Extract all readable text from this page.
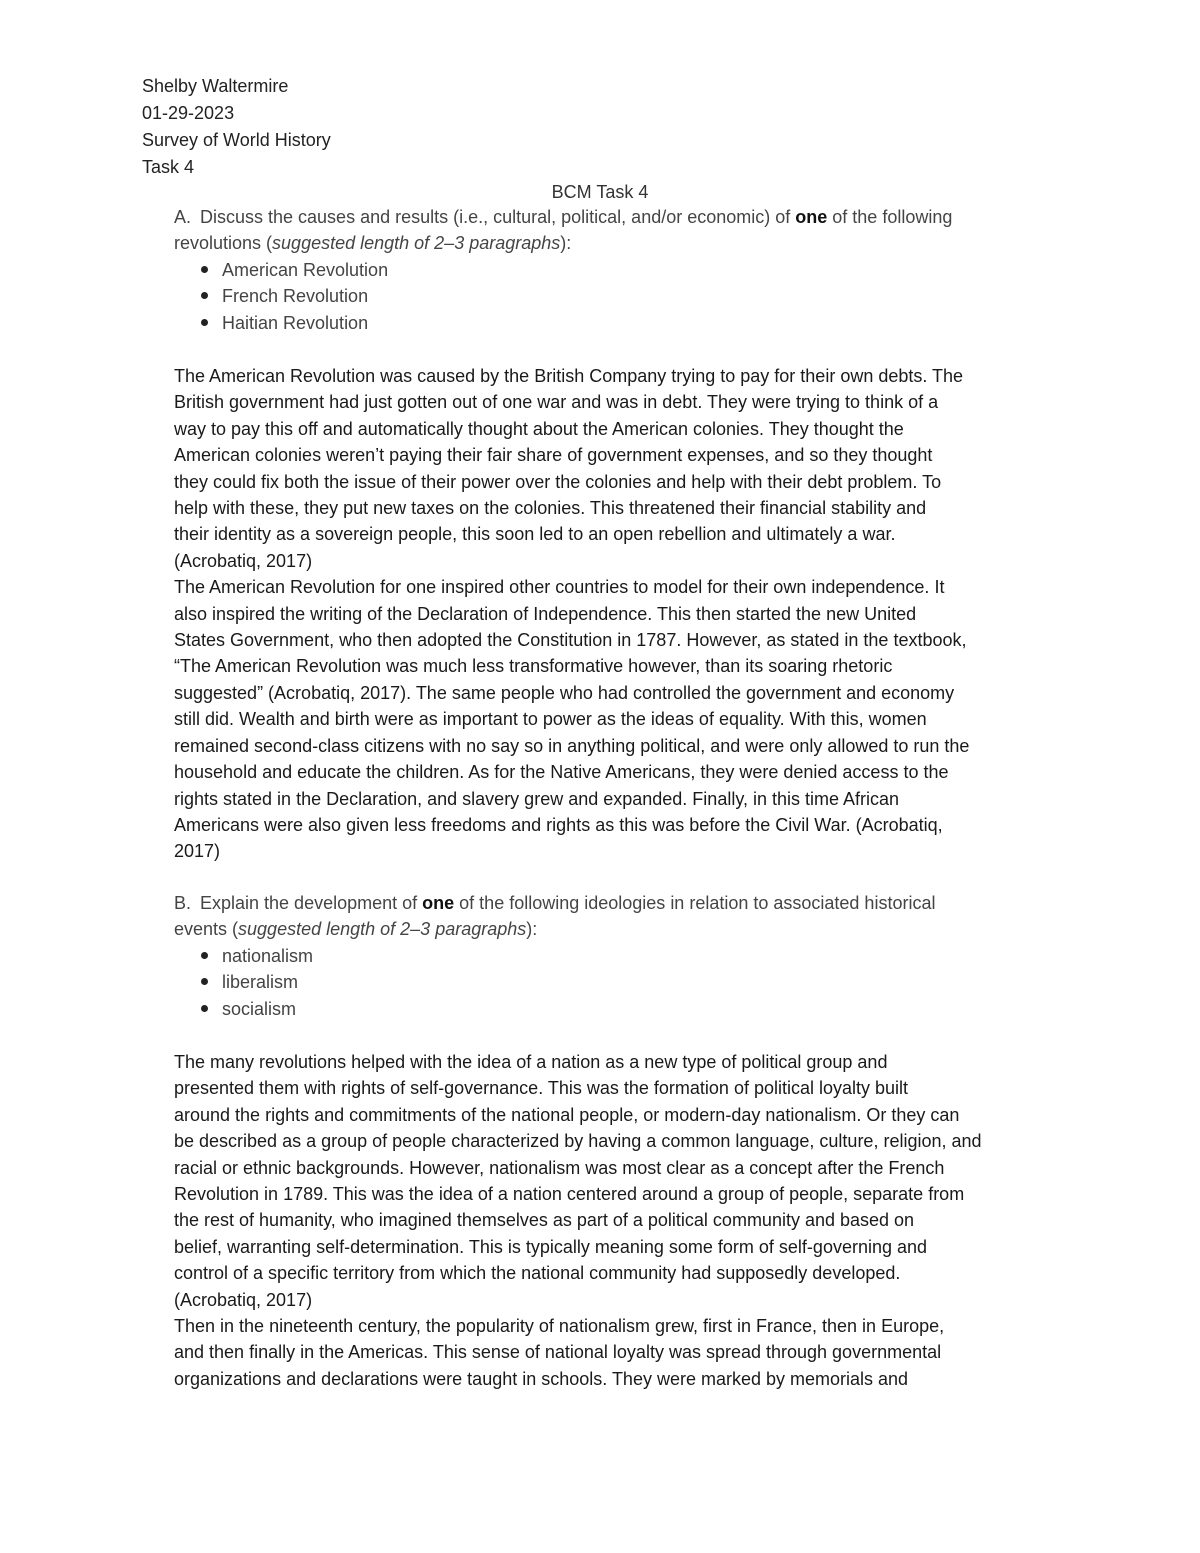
Shelby Waltermire
01-29-2023
Survey of World History
Task 4
BCM Task 4
A. Discuss the causes and results (i.e., cultural, political, and/or economic) of one of the following
revolutions (suggested length of 2–3 paragraphs):
American Revolution
French Revolution
Haitian Revolution

The American Revolution was caused by the British Company trying to pay for their own debts. The
British government had just gotten out of one war and was in debt. They were trying to think of a
way to pay this off and automatically thought about the American colonies. They thought the
American colonies weren’t paying their fair share of government expenses, and so they thought
they could fix both the issue of their power over the colonies and help with their debt problem. To
help with these, they put new taxes on the colonies. This threatened their financial stability and
their identity as a sovereign people, this soon led to an open rebellion and ultimately a war.
(Acrobatiq, 2017)

The American Revolution for one inspired other countries to model for their own independence. It
also inspired the writing of the Declaration of Independence. This then started the new United
States Government, who then adopted the Constitution in 1787. However, as stated in the textbook,
“The American Revolution was much less transformative however, than its soaring rhetoric
suggested” (Acrobatiq, 2017). The same people who had controlled the government and economy
still did. Wealth and birth were as important to power as the ideas of equality. With this, women
remained second-class citizens with no say so in anything political, and were only allowed to run the
household and educate the children. As for the Native Americans, they were denied access to the
rights stated in the Declaration, and slavery grew and expanded. Finally, in this time African
Americans were also given less freedoms and rights as this was before the Civil War. (Acrobatiq,
2017)

B. Explain the development of one of the following ideologies in relation to associated historical
events (suggested length of 2–3 paragraphs):
nationalism
liberalism
socialism

The many revolutions helped with the idea of a nation as a new type of political group and
presented them with rights of self-governance. This was the formation of political loyalty built
around the rights and commitments of the national people, or modern-day nationalism. Or they can
be described as a group of people characterized by having a common language, culture, religion, and
racial or ethnic backgrounds. However, nationalism was most clear as a concept after the French
Revolution in 1789. This was the idea of a nation centered around a group of people, separate from
the rest of humanity, who imagined themselves as part of a political community and based on
belief, warranting self-determination. This is typically meaning some form of self-governing and
control of a specific territory from which the national community had supposedly developed.
(Acrobatiq, 2017)

Then in the nineteenth century, the popularity of nationalism grew, first in France, then in Europe,
and then finally in the Americas. This sense of national loyalty was spread through governmental
organizations and declarations were taught in schools. They were marked by memorials and
